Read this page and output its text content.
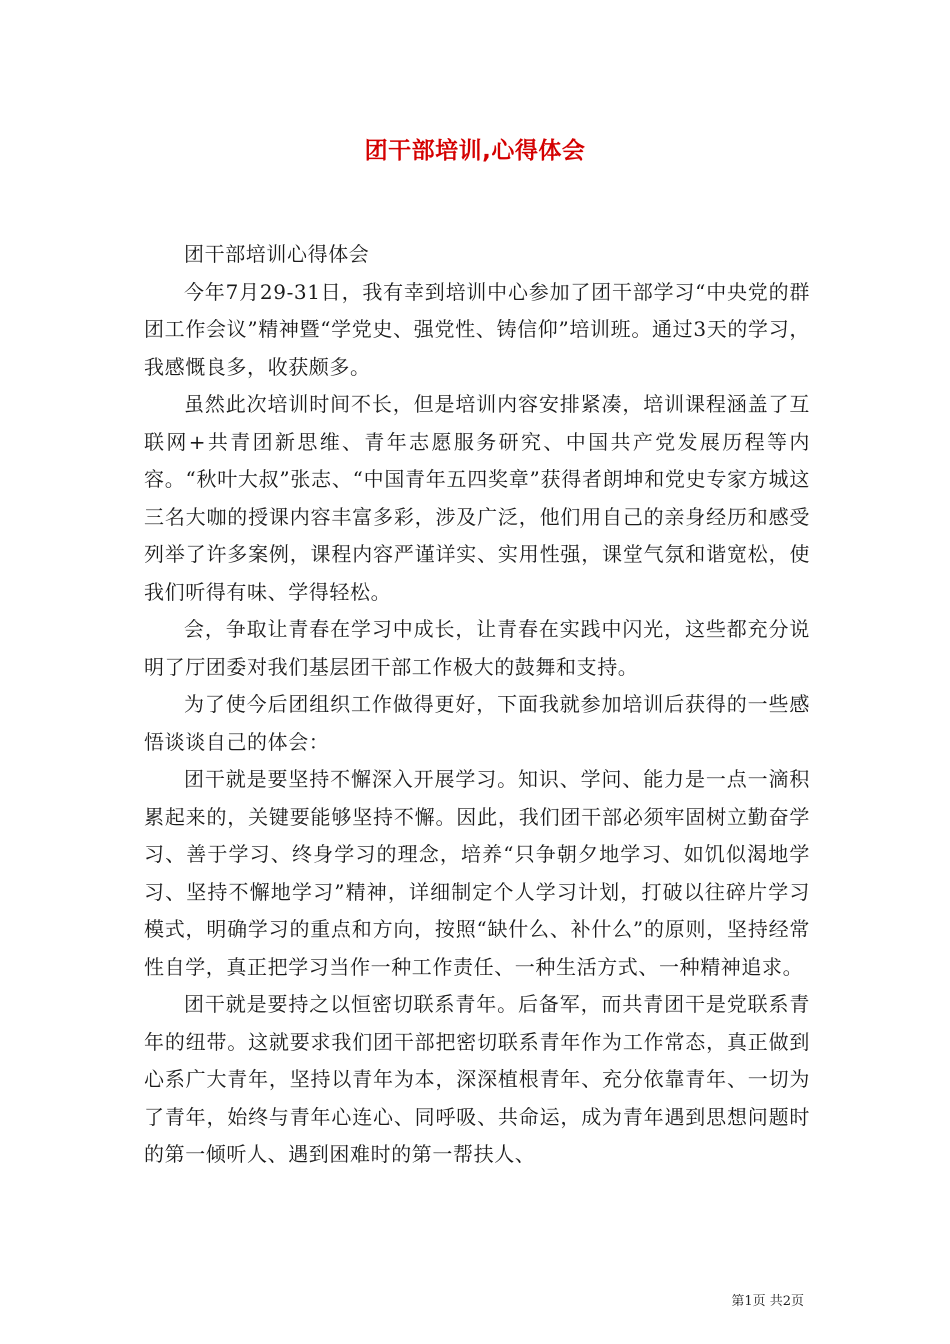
团干部培训,心得体会

团干部培训心得体会

今年7月29-31日，我有幸到培训中心参加了团干部学习“中央党的群团工作会议”精神暨“学党史、强党性、铸信仰”培训班。通过3天的学习，我感慨良多，收获颇多。

虽然此次培训时间不长，但是培训内容安排紧凑，培训课程涵盖了互联网+共青团新思维、青年志愿服务研究、中国共产党发展历程等内容。“秋叶大叔”张志、“中国青年五四奖章”获得者朗坤和党史专家方城这三名大咖的授课内容丰富多彩，涉及广泛，他们用自己的亲身经历和感受列举了许多案例，课程内容严谨详实、实用性强，课堂气氛和谐宽松，使我们听得有味、学得轻松。

会，争取让青春在学习中成长，让青春在实践中闪光，这些都充分说明了厅团委对我们基层团干部工作极大的鼓舞和支持。

为了使今后团组织工作做得更好，下面我就参加培训后获得的一些感悟谈谈自己的体会：

团干就是要坚持不懈深入开展学习。知识、学问、能力是一点一滴积累起来的，关键要能够坚持不懈。因此，我们团干部必须牢固树立勤奋学习、善于学习、终身学习的理念，培养“只争朝夕地学习、如饥似渴地学习、坚持不懈地学习”精神，详细制定个人学习计划，打破以往碎片学习模式，明确学习的重点和方向，按照“缺什么、补什么”的原则，坚持经常性自学，真正把学习当作一种工作责任、一种生活方式、一种精神追求。

团干就是要持之以恒密切联系青年。后备军，而共青团干是党联系青年的纽带。这就要求我们团干部把密切联系青年作为工作常态，真正做到心系广大青年，坚持以青年为本，深深植根青年、充分依靠青年、一切为了青年，始终与青年心连心、同呼吸、共命运，成为青年遇到思想问题时的第一倾听人、遇到困难时的第一帮扶人、

第1页 共2页
